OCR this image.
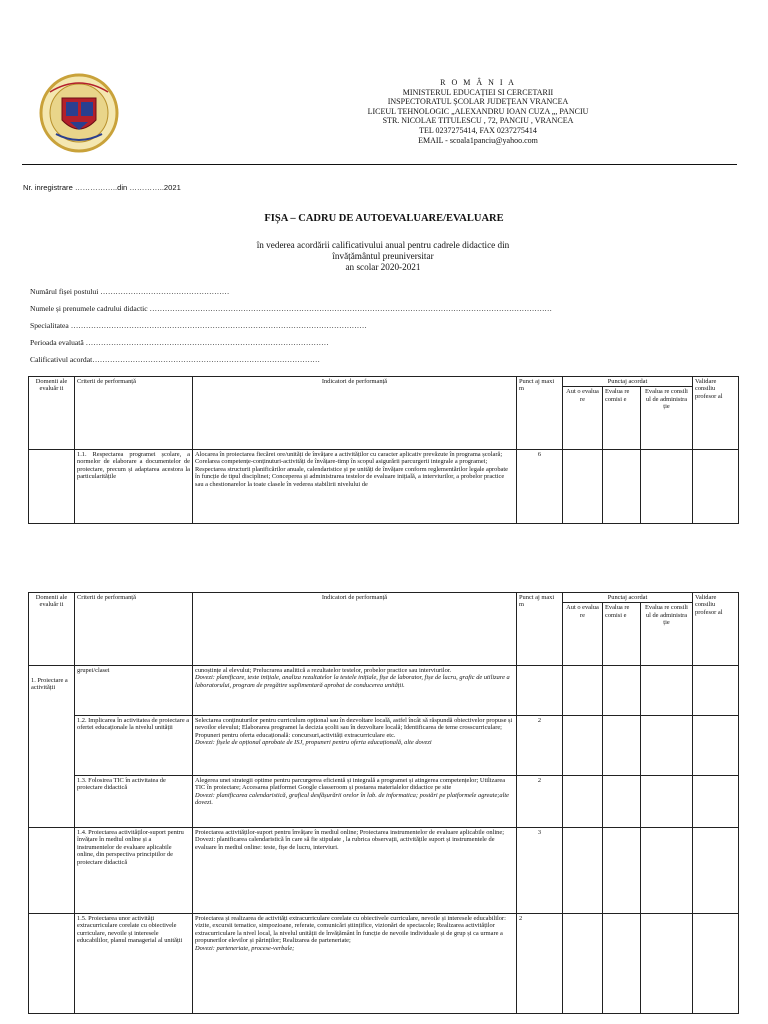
R O M Â N I A
MINISTERUL EDUCAȚIEI SI CERCETARII
INSPECTORATUL ȘCOLAR JUDEȚEAN VRANCEA
LICEUL TEHNOLOGIC „ALEXANDRU IOAN CUZA „, PANCIU
STR. NICOLAE TITULESCU , 72, PANCIU , VRANCEA
TEL 0237275414, FAX 0237275414
EMAIL - scoala1panciu@yahoo.com
Nr. inregistrare ……………..din …………..2021
FIȘA – CADRU DE AUTOEVALUARE/EVALUARE
în vederea acordării calificativului anual pentru cadrele didactice din
învățământul preuniversitar
an scolar 2020-2021
Numărul fișei postului ……………………………………………
Numele și prenumele cadrului didactic ……………………………………………………………………………………………………………………………………………
Specialitatea ………………………………………………………………………………………………………
Perioada evaluată ……………………………………………………………………………………
Calificativul acordat………………………………………………………………………………
Domenii ale evaluăr ii	Criterii de performanță	Indicatori de performanță	Punct aj maxi m	Punctaj acordat			Validare consiliu profesor al
				Aut o evalua re	Evalua re comisi e	Evalua re consili ul de administra ție	
	1.1. Respectarea programei școlare, a normelor de elaborare a documentelor de proiectare, precum și adaptarea acestora la particularitățile	Alocarea în proiectarea fiecărei ore/unități de învățare a activităților cu caracter aplicativ prevăzute în programa școlară; Corelarea competențe-conținuturi-activități de învățare-timp în scopul asigurării parcurgerii integrale a programei; Respectarea structurii planificărilor anuale, calendaristice și pe unități de învățare conform reglementărilor legale aprobate în funcție de tipul disciplinei; Conceperea și administrarea testelor de evaluare inițială, a interviurilor, a probelor practice sau a chestionarelor la toate clasele în vederea stabilirii nivelului de	6				
Domenii ale evaluăr ii	Criterii de performanță	Indicatori de performanță	Punct aj maxi m	Punctaj acordat			Validare consiliu profesor al
				Aut o evalua re	Evalua re comisi e	Evalua re consili ul de administra ție	

1. Proiectare a activității	grupei/clasei	cunoștințe al elevului; Prelucrarea analitică a rezultatelor testelor, probelor practice sau interviurilor.
Dovezi: planificare, teste inițiale, analiza rezultatelor la testele inițiale, fișe de laborator, fișe de lucru, grafic de utilizare a laboratorului, program de pregătire suplimentară aprobat de conducerea unității.					
	1.2. Implicarea în activitatea de proiectare a ofertei educaționale la nivelul unității	Selectarea conținuturilor pentru curriculum opțional sau în dezvoltare locală, astfel încât să răspundă obiectivelor propuse și nevoilor elevului; Elaborarea programei la decizia școlii sau în dezvoltare locală; Identificarea de teme crosscurriculare; Propuneri pentru oferta educațională: concursuri,activități extracurriculare etc.
Dovezi: fișele de opțional aprobate de ISJ, propuneri pentru oferta educațională, alte dovezi	2				
	1.3. Folosirea TIC în activitatea de proiectare didactică	Alegerea unei strategii optime pentru parcurgerea eficientă și integrală a programei și atingerea competențelor; Utilizarea TIC în proiectare; Accesarea platformei Google classeroom și postarea materialelor didactice pe site
Dovezi: planificarea calendaristică, graficul desfășurării orelor în lab. de informatica; postări pe platformele agreate;alte dovezi.	2				
	1.4. Proiectarea activităților-suport pentru învățare în mediul online și a instrumentelor de evaluare aplicabile online, din perspectiva principiilor de proiectare didactică	Proiectarea activităților-suport pentru învățare în mediul online; Proiectarea instrumentelor de evaluare aplicabile online;
Dovezi: planificarea calendaristică în care să fie stipulate , la rubrica observații, activitățile suport și instrumentele de evaluare în mediul online: teste, fișe de lucru, interviuri.	3				
	1.5. Proiectarea unor activități extracurriculare corelate cu obiectivele curriculare, nevoile și interesele educabililor, planul managerial al unității	Proiectarea și realizarea de activități extracurriculare corelate cu obiectivele curriculare, nevoile și interesele educabililor: vizite, excursii tematice, simpozioane, referate, comunicări științifice, vizionări de spectacole; Realizarea activităților extracurriculare la nivel local, la nivelul unității de învățământ în funcție de nevoile individuale și de grup și ca urmare a propunerilor elevilor și părinților; Realizarea de parteneriate;
Dovezi: parteneriate, procese-verbale;	2				
